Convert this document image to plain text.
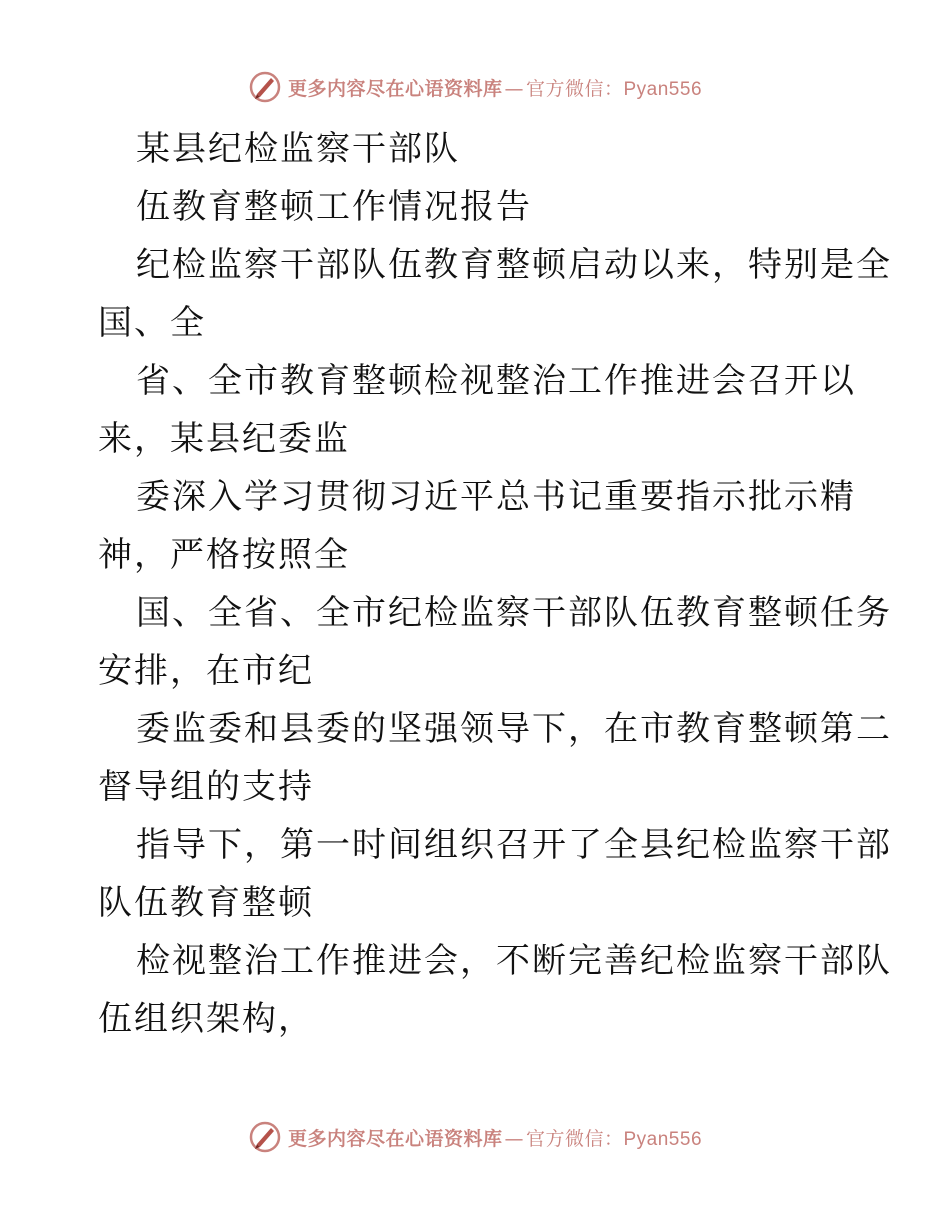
更多内容尽在心语资料库 — 官方微信：Pyan556
某县纪检监察干部队
伍教育整顿工作情况报告
纪检监察干部队伍教育整顿启动以来，特别是全
国、全
省、全市教育整顿检视整治工作推进会召开以
来，某县纪委监
委深入学习贯彻习近平总书记重要指示批示精
神，严格按照全
国、全省、全市纪检监察干部队伍教育整顿任务
安排，在市纪
委监委和县委的坚强领导下，在市教育整顿第二
督导组的支持
指导下，第一时间组织召开了全县纪检监察干部
队伍教育整顿
检视整治工作推进会，不断完善纪检监察干部队
伍组织架构，
更多内容尽在心语资料库 — 官方微信：Pyan556
